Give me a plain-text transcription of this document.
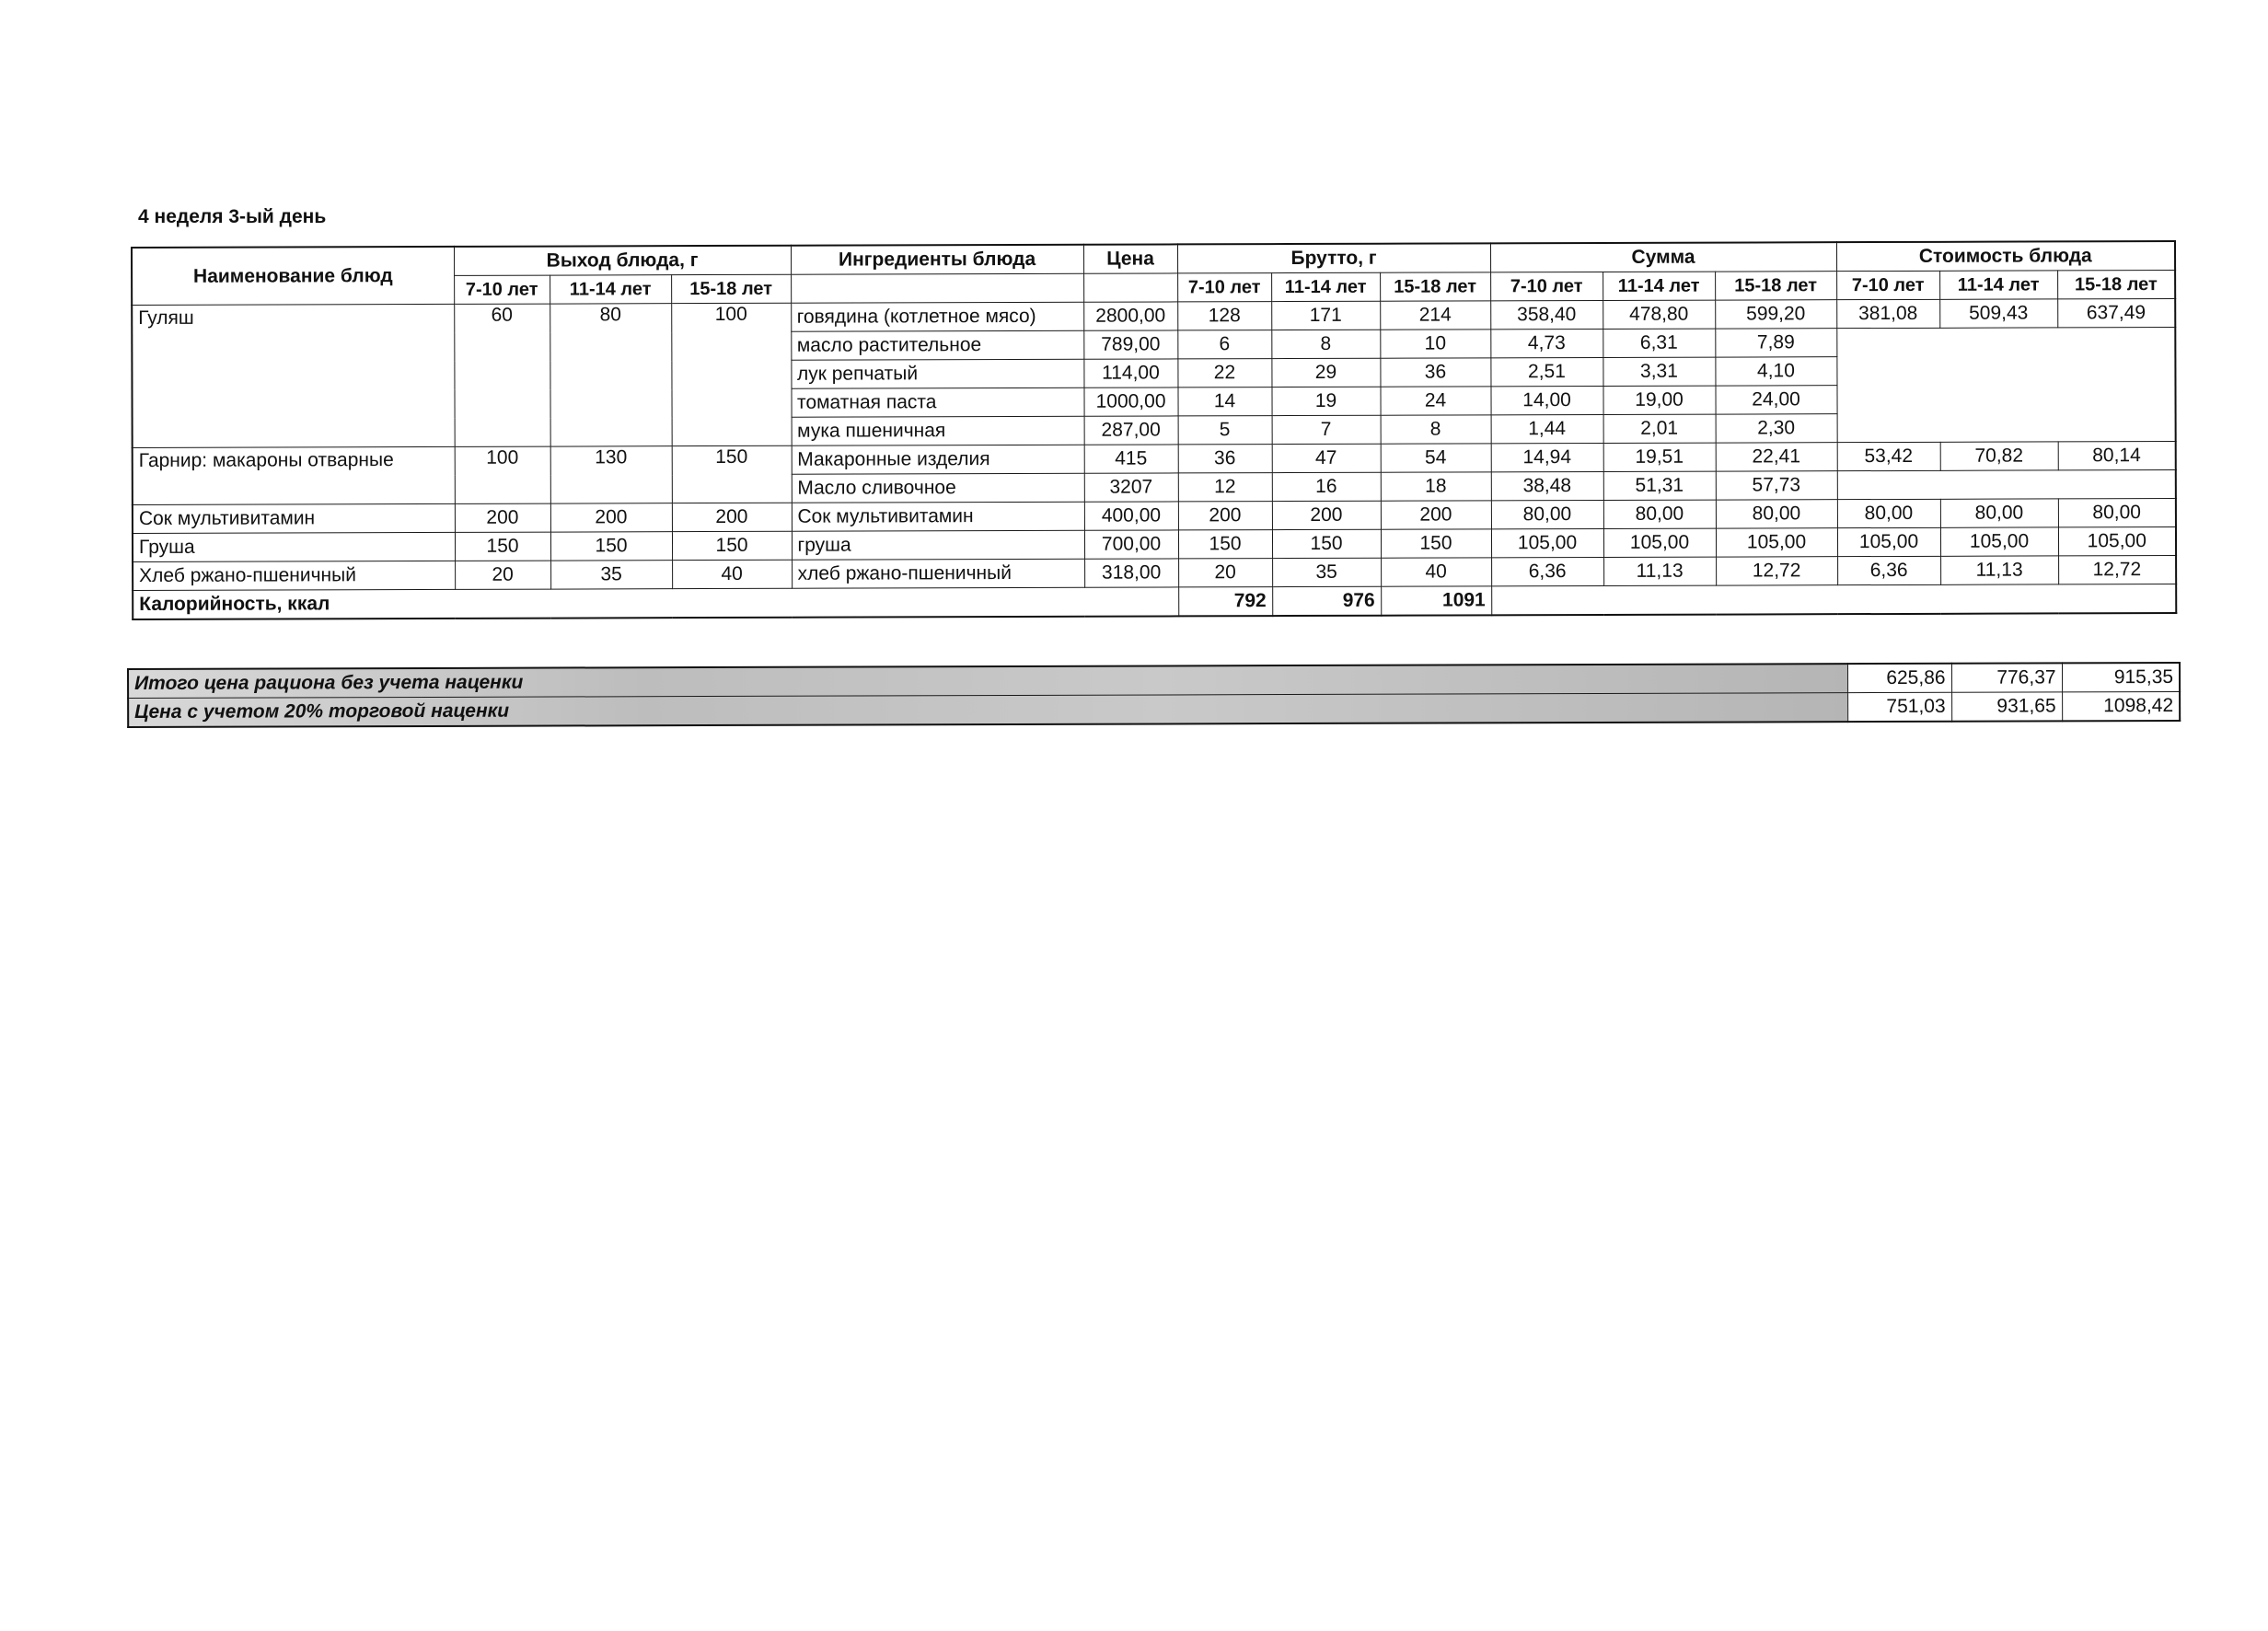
4 неделя 3-ый день
Наименование блюд	Выход блюда, г			Ингредиенты блюда	Цена	Брутто, г			Сумма			Стоимость блюда		
	7-10 лет	11-14 лет	15-18 лет			7-10 лет	11-14 лет	15-18 лет	7-10 лет	11-14 лет	15-18 лет	7-10 лет	11-14 лет	15-18 лет
Гуляш	60	80	100	говядина (котлетное мясо)	2800,00	128	171	214	358,40	478,80	599,20	381,08	509,43	637,49
				масло растительное	789,00	6	8	10	4,73	6,31	7,89			
				лук репчатый	114,00	22	29	36	2,51	3,31	4,10			
				томатная паста	1000,00	14	19	24	14,00	19,00	24,00			
				мука пшеничная	287,00	5	7	8	1,44	2,01	2,30			
Гарнир: макароны отварные	100	130	150	Макаронные изделия	415	36	47	54	14,94	19,51	22,41	53,42	70,82	80,14
				Масло сливочное	3207	12	16	18	38,48	51,31	57,73			
Сок мультивитамин	200	200	200	Сок мультивитамин	400,00	200	200	200	80,00	80,00	80,00	80,00	80,00	80,00
Груша	150	150	150	груша	700,00	150	150	150	105,00	105,00	105,00	105,00	105,00	105,00
Хлеб ржано-пшеничный	20	35	40	хлеб ржано-пшеничный	318,00	20	35	40	6,36	11,13	12,72	6,36	11,13	12,72
Калорийность, ккал						792	976	1091						
Итого цена рациона без учета наценки	625,86	776,37	915,35
Цена с учетом 20% торговой наценки	751,03	931,65	1098,42
